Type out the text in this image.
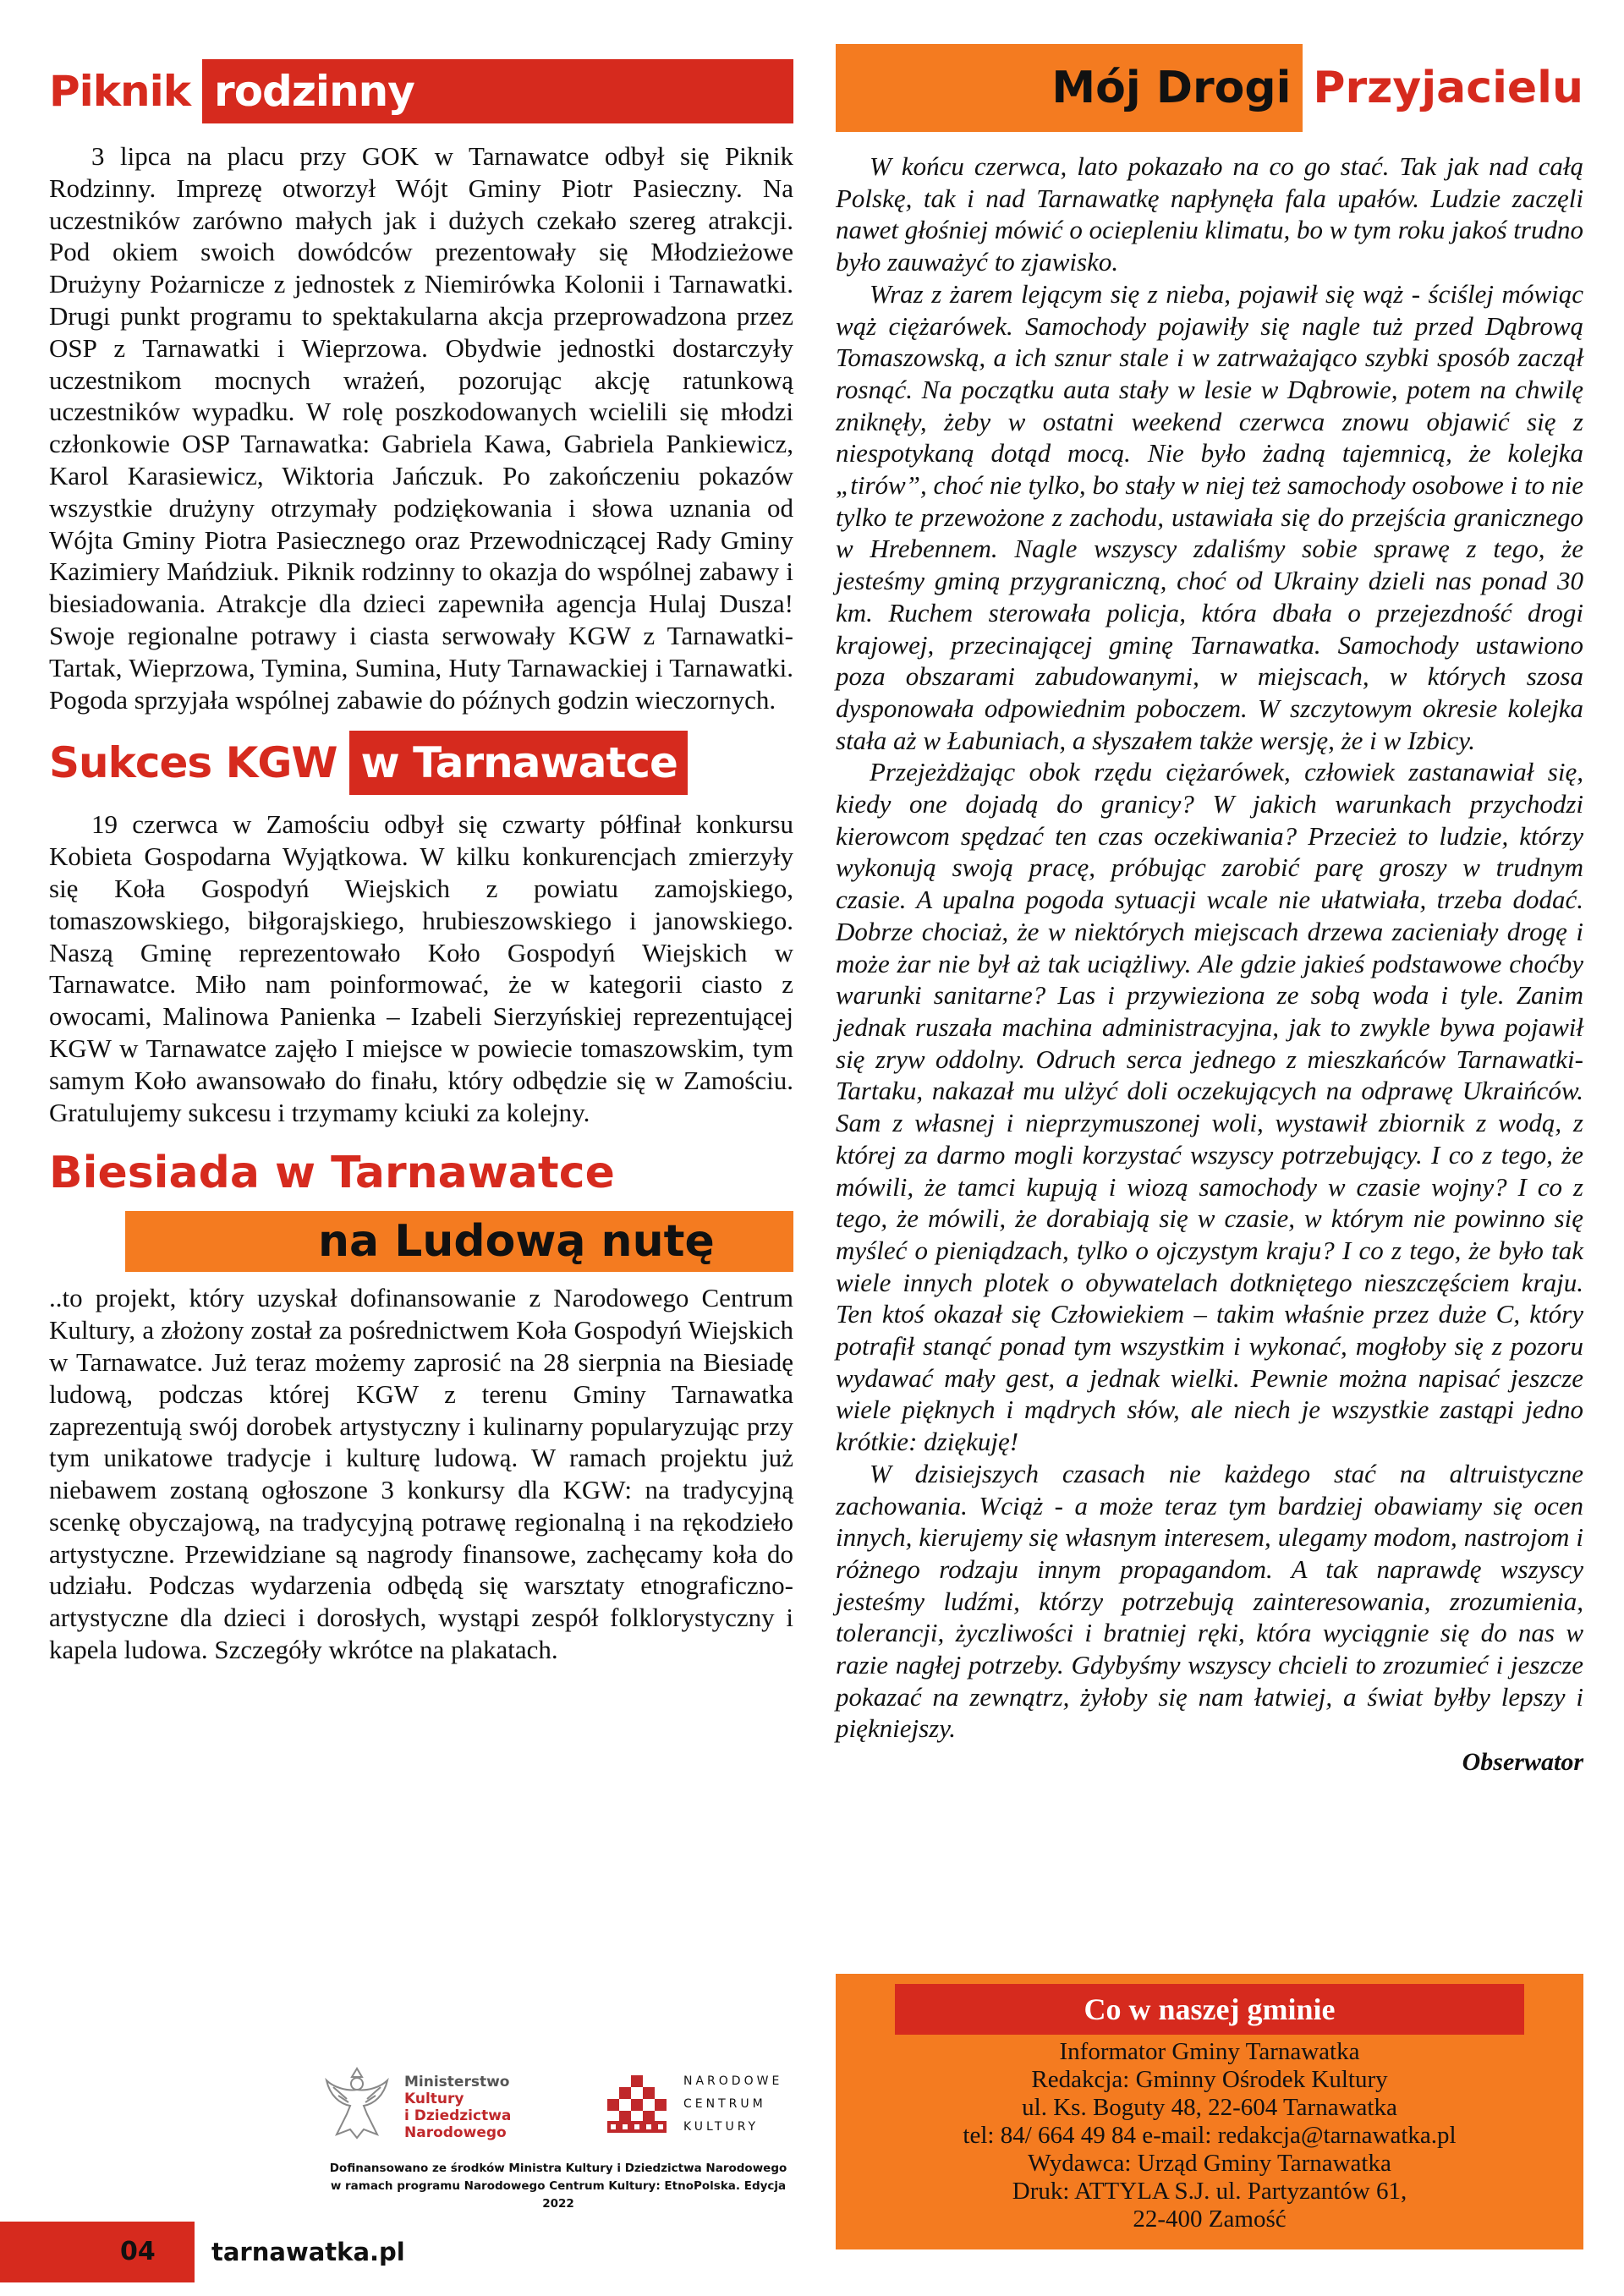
Piknik rodzinny

3 lipca na placu przy GOK w Tarnawatce odbył się Piknik Rodzinny. Imprezę otworzył Wójt Gminy Piotr Pasieczny. Na uczestników zarówno małych jak i dużych czekało szereg atrakcji. Pod okiem swoich dowódców prezentowały się Młodzieżowe Drużyny Pożarnicze z jednostek z Niemirówka Kolonii i Tarnawatki. Drugi punkt programu to spektakularna akcja przeprowadzona przez OSP z Tarnawatki i Wieprzowa. Obydwie jednostki dostarczyły uczestnikom mocnych wrażeń, pozorując akcję ratunkową uczestników wypadku. W rolę poszkodowanych wcielili się młodzi członkowie OSP Tarnawatka: Gabriela Kawa, Gabriela Pankiewicz, Karol Karasiewicz, Wiktoria Jańczuk. Po zakończeniu pokazów wszystkie drużyny otrzymały podziękowania i słowa uznania od Wójta Gminy Piotra Pasiecznego oraz Przewodniczącej Rady Gminy Kazimiery Mańdziuk. Piknik rodzinny to okazja do wspólnej zabawy i biesiadowania. Atrakcje dla dzieci zapewniła agencja Hulaj Dusza! Swoje regionalne potrawy i ciasta serwowały KGW z Tarnawatki-Tartak, Wieprzowa, Tymina, Sumina, Huty Tarnawackiej i Tarnawatki. Pogoda sprzyjała wspólnej zabawie do późnych godzin wieczornych.

Sukces KGW w Tarnawatce

19 czerwca w Zamościu odbył się czwarty półfinał konkursu Kobieta Gospodarna Wyjątkowa. W kilku konkurencjach zmierzyły się Koła Gospodyń Wiejskich z powiatu zamojskiego, tomaszowskiego, biłgorajskiego, hrubieszowskiego i janowskiego. Naszą Gminę reprezentowało Koło Gospodyń Wiejskich w Tarnawatce. Miło nam poinformować, że w kategorii ciasto z owocami, Malinowa Panienka – Izabeli Sierzyńskiej reprezentującej KGW w Tarnawatce zajęło I miejsce w powiecie tomaszowskim, tym samym Koło awansowało do finału, który odbędzie się w Zamościu. Gratulujemy sukcesu i trzymamy kciuki za kolejny.

Biesiada w Tarnawatce
na Ludową nutę

..to projekt, który uzyskał dofinansowanie z Narodowego Centrum Kultury, a złożony został za pośrednictwem Koła Gospodyń Wiejskich w Tarnawatce. Już teraz możemy zaprosić na 28 sierpnia na Biesiadę ludową, podczas której KGW z terenu Gminy Tarnawatka zaprezentują swój dorobek artystyczny i kulinarny popularyzując przy tym unikatowe tradycje i kulturę ludową. W ramach projektu już niebawem zostaną ogłoszone 3 konkursy dla KGW: na tradycyjną scenkę obyczajową, na tradycyjną potrawę regionalną i na rękodzieło artystyczne. Przewidziane są nagrody finansowe, zachęcamy koła do udziału. Podczas wydarzenia odbędą się warsztaty etnograficzno-artystyczne dla dzieci i dorosłych, wystąpi zespół folklorystyczny i kapela ludowa. Szczegóły wkrótce na plakatach.

Ministerstwo
Kultury
i Dziedzictwa
Narodowego
NARODOWE
CENTRUM
KULTURY
Dofinansowano ze środków Ministra Kultury i Dziedzictwa Narodowego
w ramach programu Narodowego Centrum Kultury: EtnoPolska. Edycja 2022
04 tarnawatka.pl
Mój Drogi Przyjacielu

W końcu czerwca, lato pokazało na co go stać. Tak jak nad całą Polskę, tak i nad Tarnawatkę napłynęła fala upałów. Ludzie zaczęli nawet głośniej mówić o ociepleniu klimatu, bo w tym roku jakoś trudno było zauważyć to zjawisko.

Wraz z żarem lejącym się z nieba, pojawił się wąż - ściślej mówiąc wąż ciężarówek. Samochody pojawiły się nagle tuż przed Dąbrową Tomaszowską, a ich sznur stale i w zatrważająco szybki sposób zaczął rosnąć. Na początku auta stały w lesie w Dąbrowie, potem na chwilę zniknęły, żeby w ostatni weekend czerwca znowu objawić się z niespotykaną dotąd mocą. Nie było żadną tajemnicą, że kolejka „tirów”, choć nie tylko, bo stały w niej też samochody osobowe i to nie tylko te przewożone z zachodu, ustawiała się do przejścia granicznego w Hrebennem. Nagle wszyscy zdaliśmy sobie sprawę z tego, że jesteśmy gminą przygraniczną, choć od Ukrainy dzieli nas ponad 30 km. Ruchem sterowała policja, która dbała o przejezdność drogi krajowej, przecinającej gminę Tarnawatka. Samochody ustawiono poza obszarami zabudowanymi, w miejscach, w których szosa dysponowała odpowiednim poboczem. W szczytowym okresie kolejka stała aż w Łabuniach, a słyszałem także wersję, że i w Izbicy.

Przejeżdżając obok rzędu ciężarówek, człowiek zastanawiał się, kiedy one dojadą do granicy? W jakich warunkach przychodzi kierowcom spędzać ten czas oczekiwania? Przecież to ludzie, którzy wykonują swoją pracę, próbując zarobić parę groszy w trudnym czasie. A upalna pogoda sytuacji wcale nie ułatwiała, trzeba dodać. Dobrze chociaż, że w niektórych miejscach drzewa zacieniały drogę i może żar nie był aż tak uciążliwy. Ale gdzie jakieś podstawowe choćby warunki sanitarne? Las i przywieziona ze sobą woda i tyle. Zanim jednak ruszała machina administracyjna, jak to zwykle bywa pojawił się zryw oddolny. Odruch serca jednego z mieszkańców Tarnawatki-Tartaku, nakazał mu ulżyć doli oczekujących na odprawę Ukraińców. Sam z własnej i nieprzymuszonej woli, wystawił zbiornik z wodą, z której za darmo mogli korzystać wszyscy potrzebujący. I co z tego, że mówili, że tamci kupują i wiozą samochody w czasie wojny? I co z tego, że mówili, że dorabiają się w czasie, w którym nie powinno się myśleć o pieniądzach, tylko o ojczystym kraju? I co z tego, że było tak wiele innych plotek o obywatelach dotkniętego nieszczęściem kraju. Ten ktoś okazał się Człowiekiem – takim właśnie przez duże C, który potrafił stanąć ponad tym wszystkim i wykonać, mogłoby się z pozoru wydawać mały gest, a jednak wielki. Pewnie można napisać jeszcze wiele pięknych i mądrych słów, ale niech je wszystkie zastąpi jedno krótkie: dziękuję!

W dzisiejszych czasach nie każdego stać na altruistyczne zachowania. Wciąż - a może teraz tym bardziej obawiamy się ocen innych, kierujemy się własnym interesem, ulegamy modom, nastrojom i różnego rodzaju innym propagandom. A tak naprawdę wszyscy jesteśmy ludźmi, którzy potrzebują zainteresowania, zrozumienia, tolerancji, życzliwości i bratniej ręki, która wyciągnie się do nas w razie nagłej potrzeby. Gdybyśmy wszyscy chcieli to zrozumieć i jeszcze pokazać na zewnątrz, żyłoby się nam łatwiej, a świat byłby lepszy i piękniejszy.

Obserwator
Co w naszej gminie
Informator Gminy Tarnawatka
Redakcja: Gminny Ośrodek Kultury
ul. Ks. Boguty 48, 22-604 Tarnawatka
tel: 84/ 664 49 84 e-mail: redakcja@tarnawatka.pl
Wydawca: Urząd Gminy Tarnawatka
Druk: ATTYLA S.J. ul. Partyzantów 61,
22-400 Zamość
